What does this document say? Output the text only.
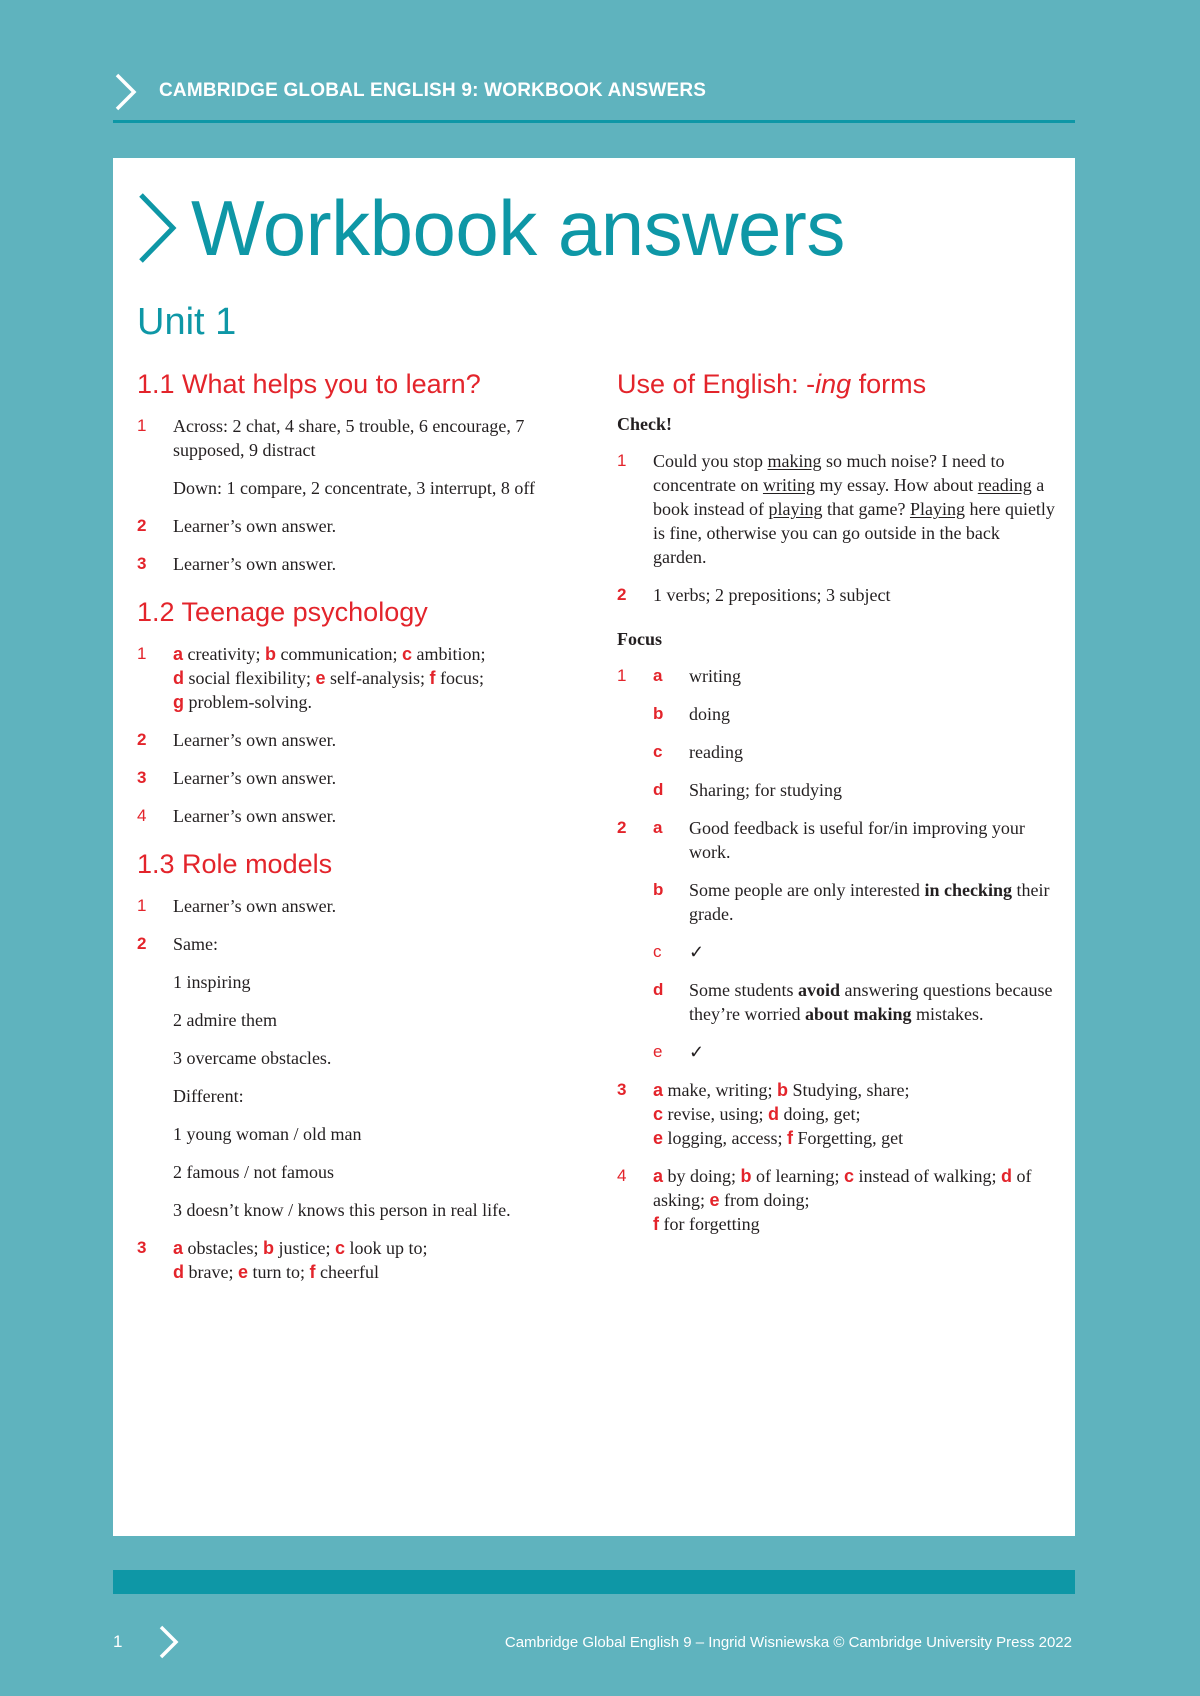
CAMBRIDGE GLOBAL ENGLISH 9: WORKBOOK ANSWERS
Workbook answers
Unit 1
1.1 What helps you to learn?
1	Across: 2 chat, 4 share, 5 trouble, 6 encourage, 7 supposed, 9 distract
Down: 1 compare, 2 concentrate, 3 interrupt, 8 off
2	Learner’s own answer.
3	Learner’s own answer.
1.2 Teenage psychology
1	a creativity; b communication; c ambition;
d social flexibility; e self-analysis; f focus;
g problem-solving.
2	Learner’s own answer.
3	Learner’s own answer.
4	Learner’s own answer.
1.3 Role models
1	Learner’s own answer.
2	Same:
1 inspiring
2 admire them
3 overcame obstacles.
Different:
1 young woman / old man
2 famous / not famous
3 doesn’t know / knows this person in real life.
3	a obstacles; b justice; c look up to;
d brave; e turn to; f cheerful
Use of English: -ing forms
Check!
1	Could you stop making so much noise? I need to concentrate on writing my essay. How about reading a book instead of playing that game? Playing here quietly is fine, otherwise you can go outside in the back garden.
2	1 verbs; 2 prepositions; 3 subject
Focus
1	a	writing
b	doing
c	reading
d	Sharing; for studying
2	a	Good feedback is useful for/in improving your work.
b	Some people are only interested in checking their grade.
c	✓
d	Some students avoid answering questions because they’re worried about making mistakes.
e	✓
3	a make, writing; b Studying, share;
c revise, using; d doing, get;
e logging, access; f Forgetting, get
4	a by doing; b of learning; c instead of walking; d of asking; e from doing;
f for forgetting
1	Cambridge Global English 9 – Ingrid Wisniewska © Cambridge University Press 2022
